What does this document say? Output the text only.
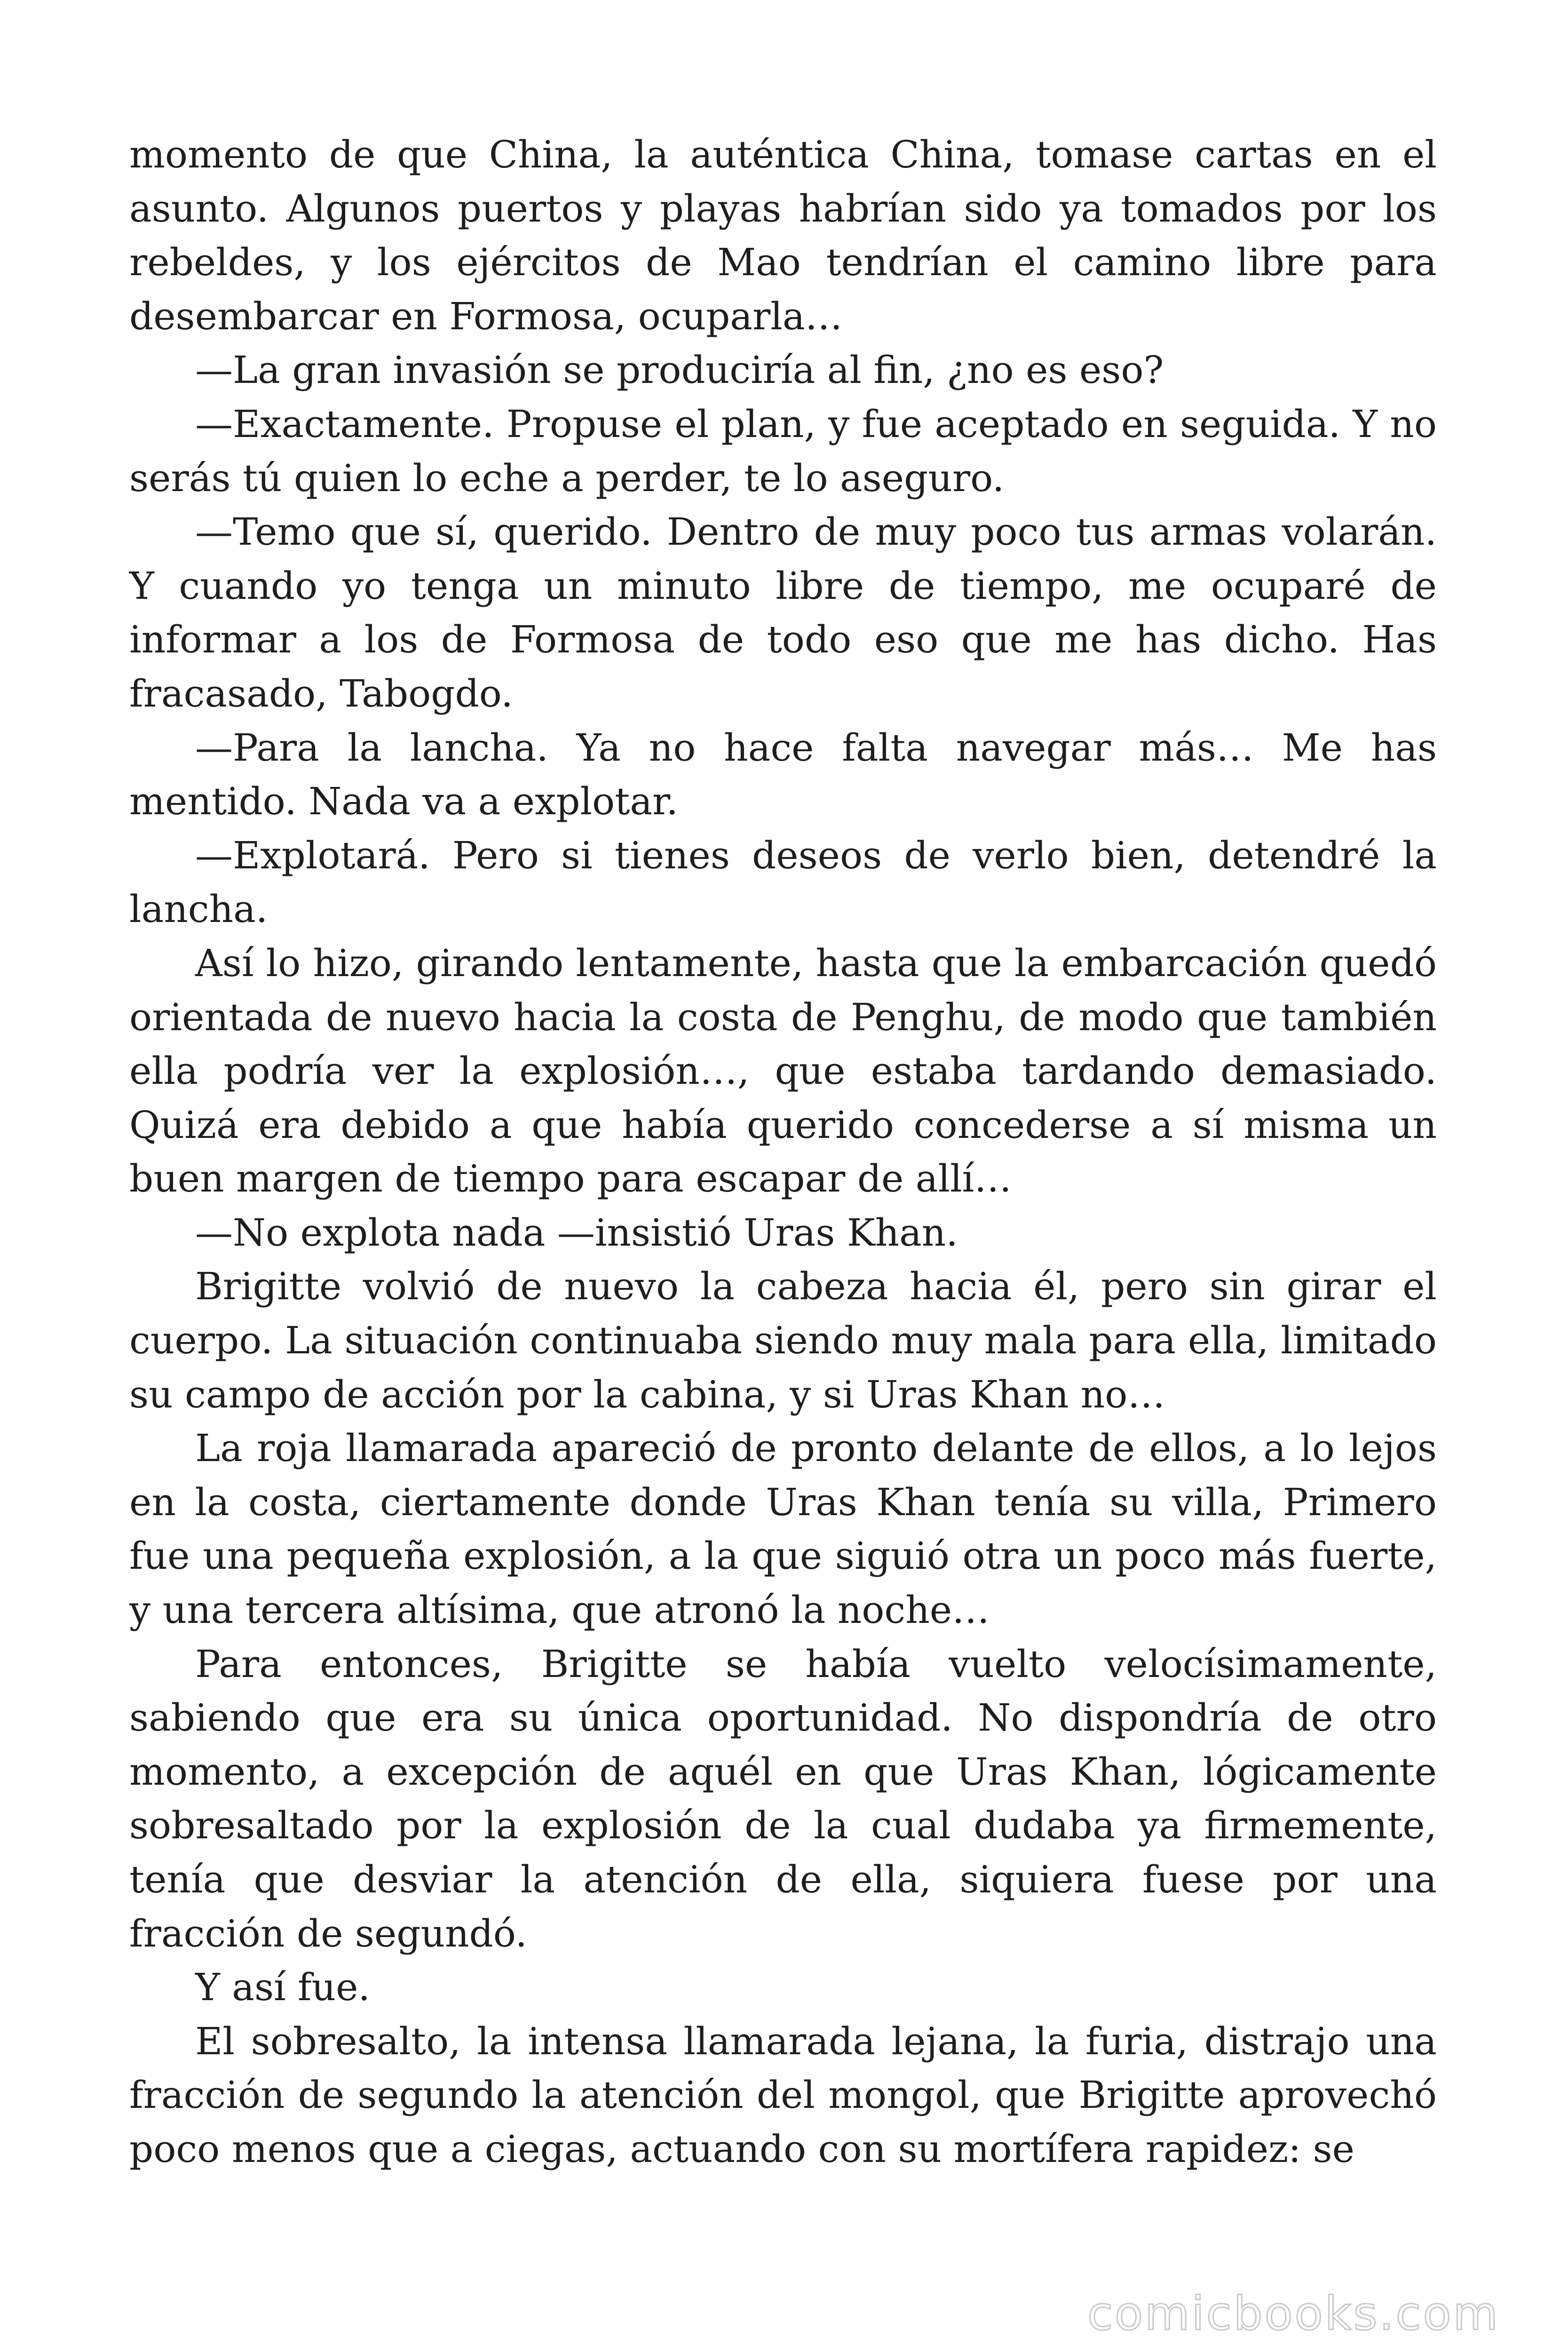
momento de que China, la auténtica China, tomase cartas en el asunto. Algunos puertos y playas habrían sido ya tomados por los rebeldes, y los ejércitos de Mao tendrían el camino libre para desembarcar en Formosa, ocuparla…

—La gran invasión se produciría al fin, ¿no es eso?

—Exactamente. Propuse el plan, y fue aceptado en seguida. Y no serás tú quien lo eche a perder, te lo aseguro.

—Temo que sí, querido. Dentro de muy poco tus armas volarán. Y cuando yo tenga un minuto libre de tiempo, me ocuparé de informar a los de Formosa de todo eso que me has dicho. Has fracasado, Tabogdo.

—Para la lancha. Ya no hace falta navegar más… Me has mentido. Nada va a explotar.

—Explotará. Pero si tienes deseos de verlo bien, detendré la lancha.

Así lo hizo, girando lentamente, hasta que la embarcación quedó orientada de nuevo hacia la costa de Penghu, de modo que también ella podría ver la explosión…, que estaba tardando demasiado. Quizá era debido a que había querido concederse a sí misma un buen margen de tiempo para escapar de allí…

—No explota nada —insistió Uras Khan.

Brigitte volvió de nuevo la cabeza hacia él, pero sin girar el cuerpo. La situación continuaba siendo muy mala para ella, limitado su campo de acción por la cabina, y si Uras Khan no…

La roja llamarada apareció de pronto delante de ellos, a lo lejos en la costa, ciertamente donde Uras Khan tenía su villa, Primero fue una pequeña explosión, a la que siguió otra un poco más fuerte, y una tercera altísima, que atronó la noche…

Para entonces, Brigitte se había vuelto velocísimamente, sabiendo que era su única oportunidad. No dispondría de otro momento, a excepción de aquél en que Uras Khan, lógicamente sobresaltado por la explosión de la cual dudaba ya firmemente, tenía que desviar la atención de ella, siquiera fuese por una fracción de segundó.

Y así fue.

El sobresalto, la intensa llamarada lejana, la furia, distrajo una fracción de segundo la atención del mongol, que Brigitte aprovechó poco menos que a ciegas, actuando con su mortífera rapidez: se

comicbooks.com
